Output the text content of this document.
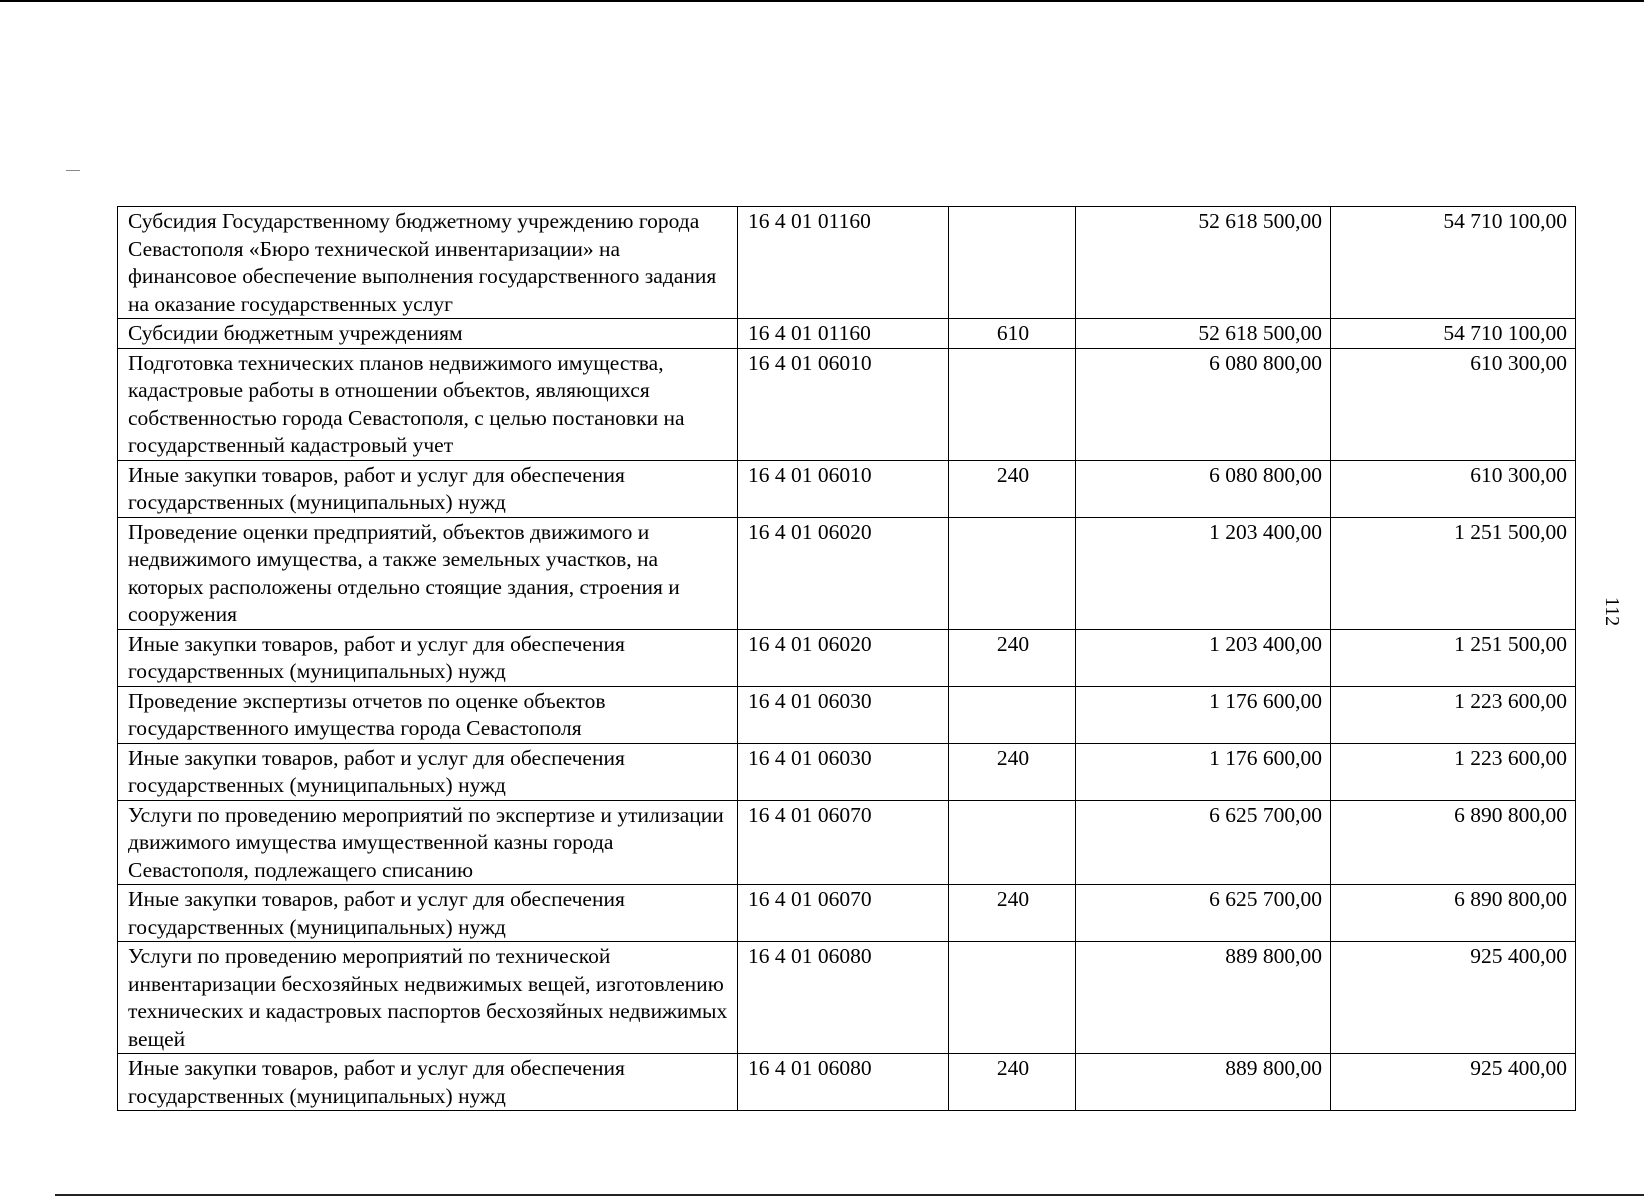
Субсидия Государственному бюджетному учреждению города Севастополя «Бюро технической инвентаризации» на финансовое обеспечение выполнения государственного задания на оказание государственных услуг	16 4 01 01160		52 618 500,00	54 710 100,00
Субсидии бюджетным учреждениям	16 4 01 01160	610	52 618 500,00	54 710 100,00
Подготовка технических планов недвижимого имущества, кадастровые работы в отношении объектов, являющихся собственностью города Севастополя, с целью постановки на государственный кадастровый учет	16 4 01 06010		6 080 800,00	610 300,00
Иные закупки товаров, работ и услуг для обеспечения государственных (муниципальных) нужд	16 4 01 06010	240	6 080 800,00	610 300,00
Проведение оценки предприятий, объектов движимого и недвижимого имущества, а также земельных участков, на которых расположены отдельно стоящие здания, строения и сооружения	16 4 01 06020		1 203 400,00	1 251 500,00
Иные закупки товаров, работ и услуг для обеспечения государственных (муниципальных) нужд	16 4 01 06020	240	1 203 400,00	1 251 500,00
Проведение экспертизы отчетов по оценке объектов государственного имущества города Севастополя	16 4 01 06030		1 176 600,00	1 223 600,00
Иные закупки товаров, работ и услуг для обеспечения государственных (муниципальных) нужд	16 4 01 06030	240	1 176 600,00	1 223 600,00
Услуги по проведению мероприятий по экспертизе и утилизации движимого имущества имущественной казны города Севастополя, подлежащего списанию	16 4 01 06070		6 625 700,00	6 890 800,00
Иные закупки товаров, работ и услуг для обеспечения государственных (муниципальных) нужд	16 4 01 06070	240	6 625 700,00	6 890 800,00
Услуги по проведению мероприятий по технической инвентаризации бесхозяйных недвижимых вещей, изготовлению технических и кадастровых паспортов бесхозяйных недвижимых вещей	16 4 01 06080		889 800,00	925 400,00
Иные закупки товаров, работ и услуг для обеспечения государственных (муниципальных) нужд	16 4 01 06080	240	889 800,00	925 400,00
112
